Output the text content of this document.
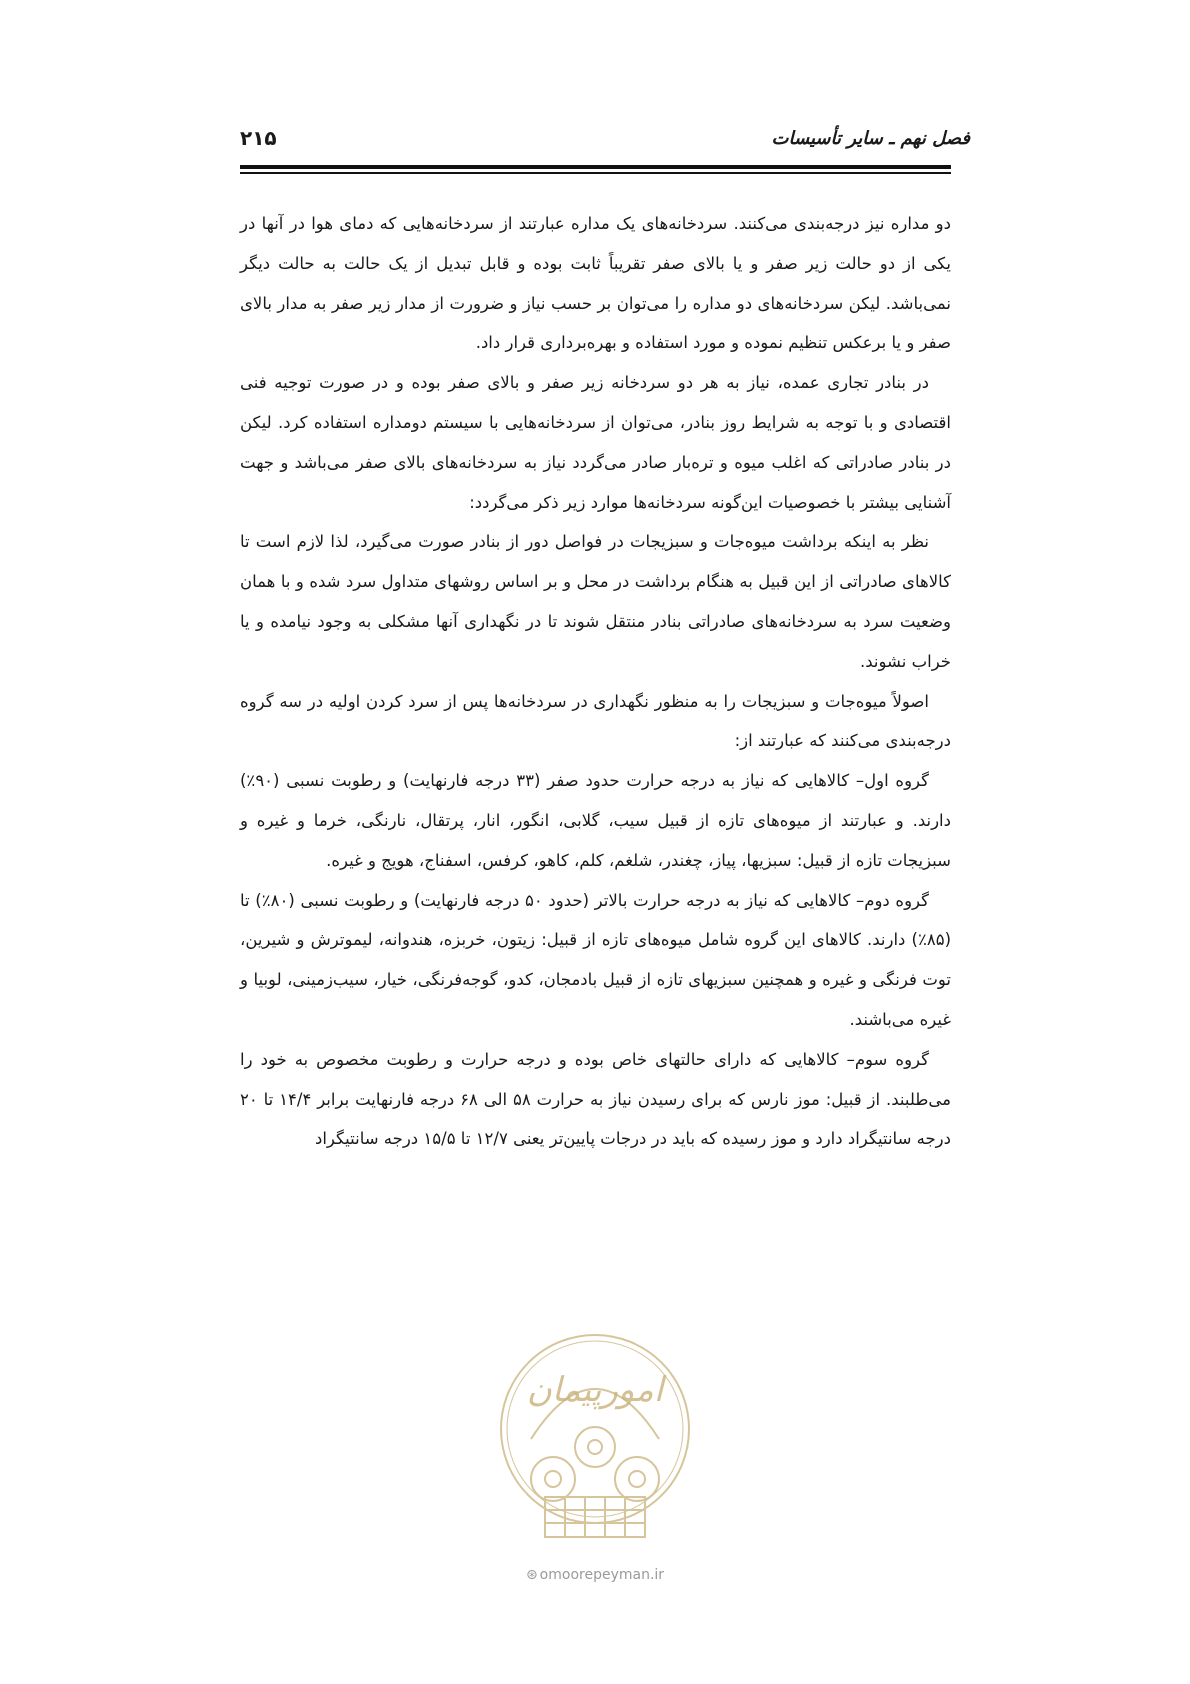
فصل نهم ـ سایر تأسیسات
۲۱۵

دو مداره نیز درجه‌بندی می‌کنند. سردخانه‌های یک مداره عبارتند از سردخانه‌هایی که دمای هوا در آنها در یکی از دو حالت زیر صفر و یا بالای صفر تقریباً ثابت بوده و قابل تبدیل از یک حالت به حالت دیگر نمی‌باشد. لیکن سردخانه‌های دو مداره را می‌توان بر حسب نیاز و ضرورت از مدار زیر صفر به مدار بالای صفر و یا برعکس تنظیم نموده و مورد استفاده و بهره‌برداری قرار داد.

در بنادر تجاری عمده، نیاز به هر دو سردخانه زیر صفر و بالای صفر بوده و در صورت توجیه فنی اقتصادی و با توجه به شرایط روز بنادر، می‌توان از سردخانه‌هایی با سیستم دومداره استفاده کرد. لیکن در بنادر صادراتی که اغلب میوه و تره‌بار صادر می‌گردد نیاز به سردخانه‌های بالای صفر می‌باشد و جهت آشنایی بیشتر با خصوصیات این‌گونه سردخانه‌ها موارد زیر ذکر می‌گردد:

نظر به اینکه برداشت میوه‌جات و سبزیجات در فواصل دور از بنادر صورت می‌گیرد، لذا لازم است تا کالاهای صادراتی از این قبیل به هنگام برداشت در محل و بر اساس روشهای متداول سرد شده و با همان وضعیت سرد به سردخانه‌های صادراتی بنادر منتقل شوند تا در نگهداری آنها مشکلی به وجود نیامده و یا خراب نشوند.

اصولاً میوه‌جات و سبزیجات را به منظور نگهداری در سردخانه‌ها پس از سرد کردن اولیه در سه گروه درجه‌بندی می‌کنند که عبارتند از:

گروه اول– کالاهایی که نیاز به درجه حرارت حدود صفر (۳۳ درجه فارنهایت) و رطوبت نسبی (۹۰٪) دارند. و عبارتند از میوه‌های تازه از قبیل سیب، گلابی، انگور، انار، پرتقال، نارنگی، خرما و غیره و سبزیجات تازه از قبیل: سبزیها، پیاز، چغندر، شلغم، کلم، کاهو، کرفس، اسفناج، هویج و غیره.

گروه دوم– کالاهایی که نیاز به درجه حرارت بالاتر (حدود ۵۰ درجه فارنهایت) و رطوبت نسبی (۸۰٪) تا (۸۵٪) دارند. کالاهای این گروه شامل میوه‌های تازه از قبیل: زیتون، خربزه، هندوانه، لیموترش و شیرین، توت فرنگی و غیره و همچنین سبزیهای تازه از قبیل بادمجان، کدو، گوجه‌فرنگی، خیار، سیب‌زمینی، لوبیا و غیره می‌باشند.

گروه سوم– کالاهایی که دارای حالتهای خاص بوده و درجه حرارت و رطوبت مخصوص به خود را می‌طلبند. از قبیل: موز نارس که برای رسیدن نیاز به حرارت ۵۸ الی ۶۸ درجه فارنهایت برابر ۱۴/۴ تا ۲۰ درجه سانتیگراد دارد و موز رسیده که باید در درجات پایین‌تر یعنی ۱۲/۷ تا ۱۵/۵ درجه سانتیگراد

امورپیمان
⊛ omoorepeyman.ir
